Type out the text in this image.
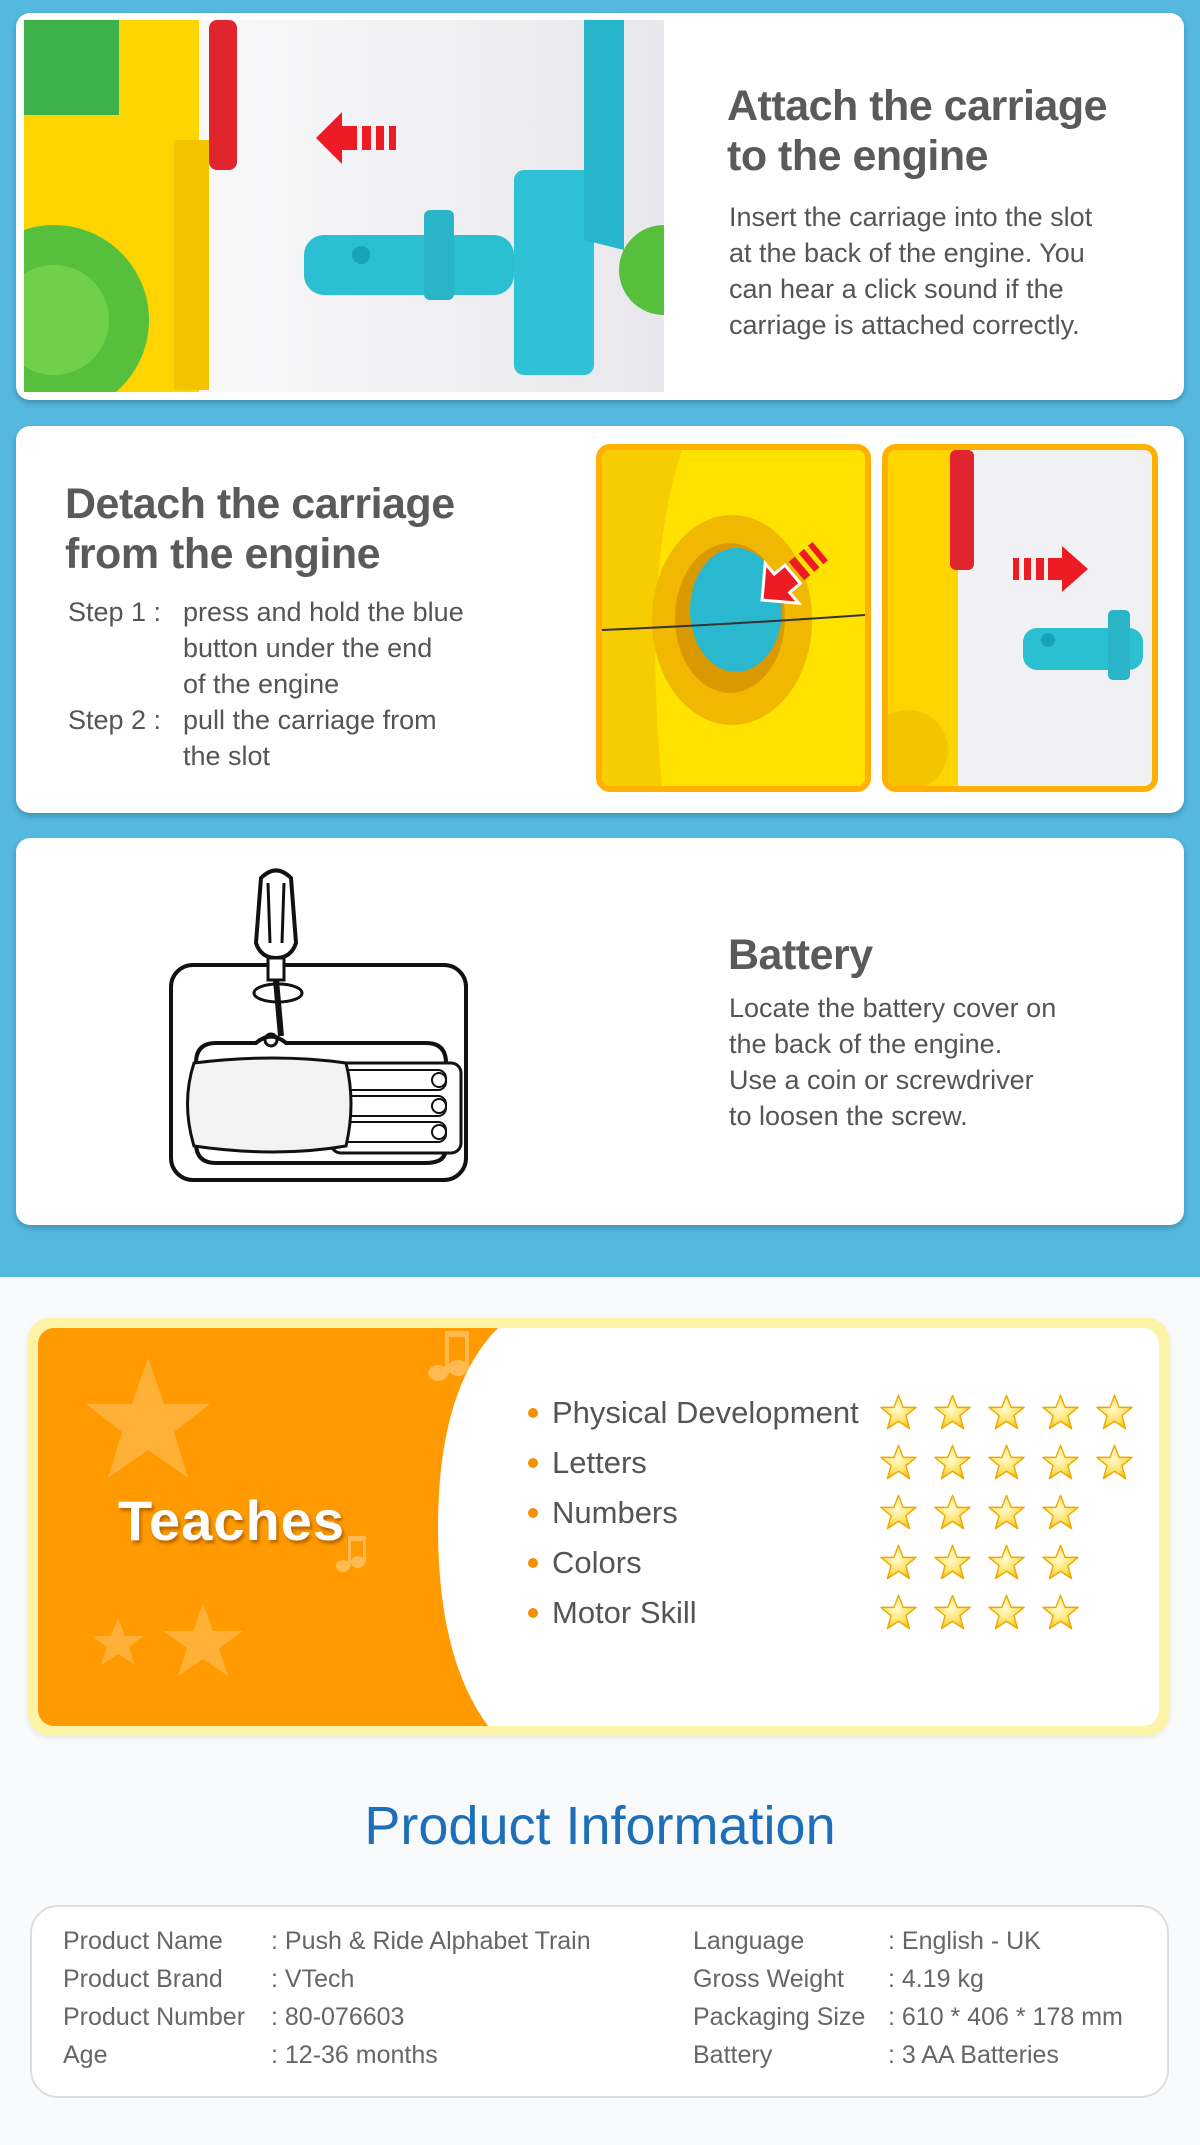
Attach the carriage
to the engine
Insert the carriage into the slot
at the back of the engine. You
can hear a click sound if the
carriage is attached correctly.
Detach the carriage
from the engine
Step 1 : press and hold the blue
button under the end
of the engine
Step 2 : pull the carriage from
the slot
Battery
Locate the battery cover on
the back of the engine.
Use a coin or screwdriver
to loosen the screw.
Teaches
Physical Development
Letters
Numbers
Colors
Motor Skill
Product Information
Product Name	: Push & Ride Alphabet Train
Product Brand	: VTech
Product Number	: 80-076603
Age	: 12-36 months
Language	: English - UK
Gross Weight	: 4.19 kg
Packaging Size : 610 * 406 * 178 mm
Battery	: 3 AA Batteries
